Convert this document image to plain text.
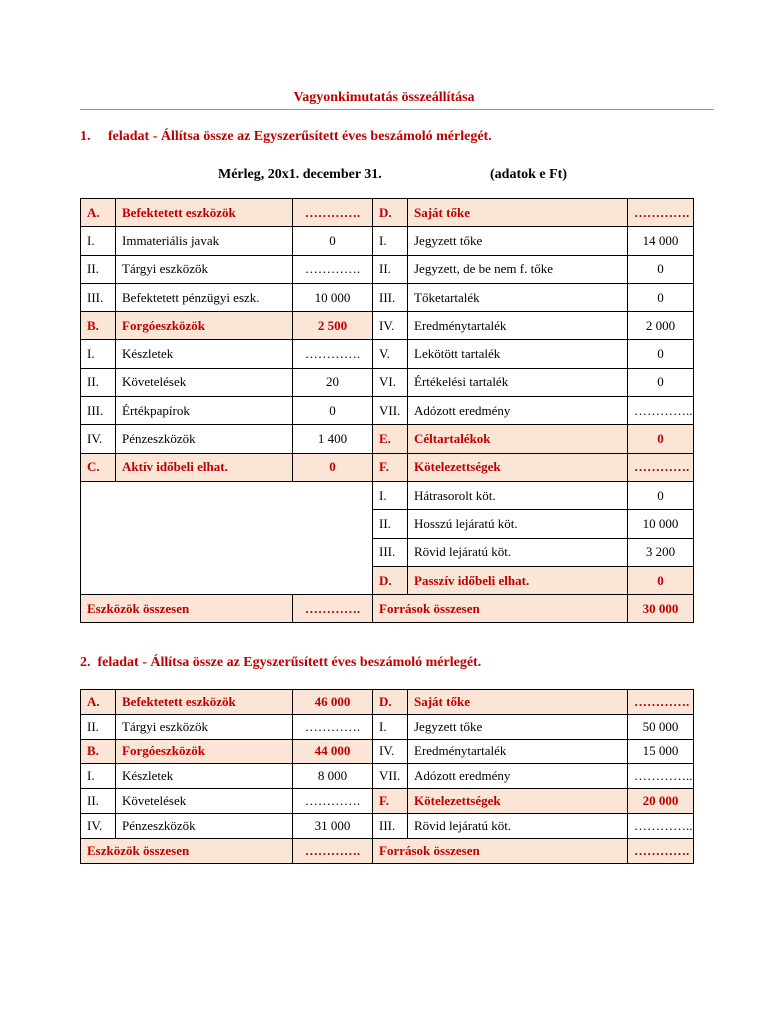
Vagyonkimutatás összeállítása
1. feladat - Állítsa össze az Egyszerűsített éves beszámoló mérlegét.
Mérleg, 20x1. december 31.	(adatok e Ft)
A.	Befektetett eszközök	………….	D.	Saját tőke	………….
I.	Immateriális javak	0	I.	Jegyzett tőke	14 000
II.	Tárgyi eszközök	………….	II.	Jegyzett, de be nem f. tőke	0
III.	Befektetett pénzügyi eszk.	10 000	III.	Tőketartalék	0
B.	Forgóeszközök	2 500	IV.	Eredménytartalék	2 000
I.	Készletek	………….	V.	Lekötött tartalék	0
II.	Követelések	20	VI.	Értékelési tartalék	0
III.	Értékpapírok	0	VII.	Adózott eredmény	…………..
IV.	Pénzeszközök	1 400	E.	Céltartalékok	0
C.	Aktív időbeli elhat.	0	F.	Kötelezettségek	………….
			I.	Hátrasorolt köt.	0
			II.	Hosszú lejáratú köt.	10 000
			III.	Rövid lejáratú köt.	3 200
			D.	Passzív időbeli elhat.	0
Eszközök összesen		………….	Források összesen		30 000
2. feladat - Állítsa össze az Egyszerűsített éves beszámoló mérlegét.
A.	Befektetett eszközök	46 000	D.	Saját tőke	………….
II.	Tárgyi eszközök	………….	I.	Jegyzett tőke	50 000
B.	Forgóeszközök	44 000	IV.	Eredménytartalék	15 000
I.	Készletek	8 000	VII.	Adózott eredmény	…………..
II.	Követelések	………….	F.	Kötelezettségek	20 000
IV.	Pénzeszközök	31 000	III.	Rövid lejáratú köt.	…………..
Eszközök összesen		………….	Források összesen		………….
